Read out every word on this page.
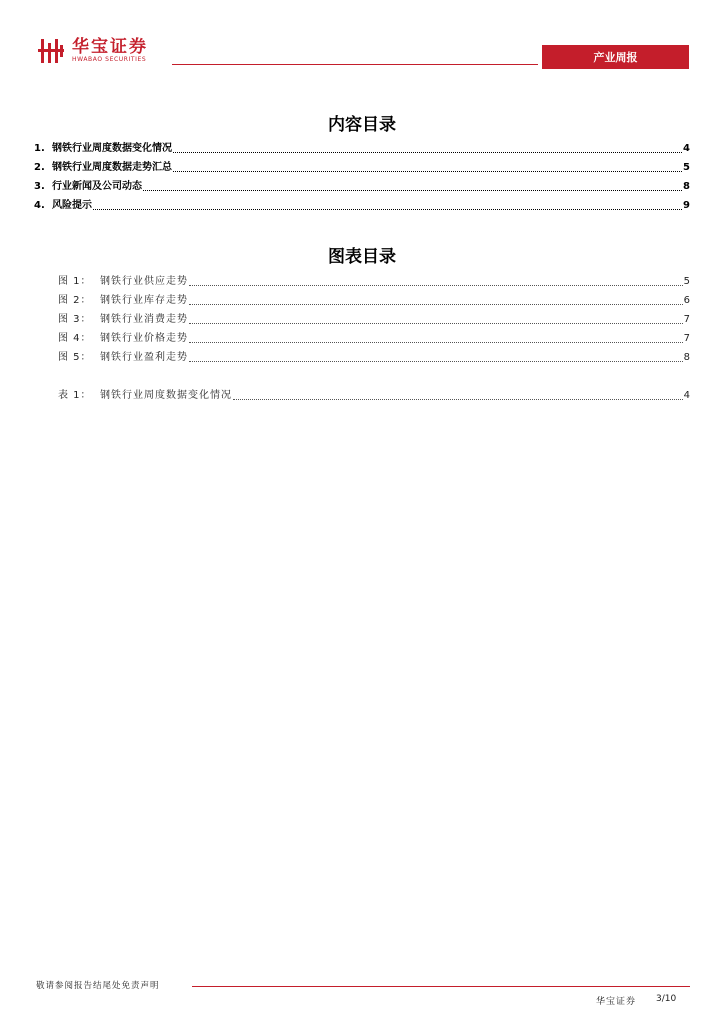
华宝证券
HWABAO SECURITIES	产业周报
内容目录
1. 钢铁行业周度数据变化情况	4
2. 钢铁行业周度数据走势汇总	5
3. 行业新闻及公司动态	8
4. 风险提示	9
图表目录
图 1： 钢铁行业供应走势	5
图 2： 钢铁行业库存走势	6
图 3： 钢铁行业消费走势	7
图 4： 钢铁行业价格走势	7
图 5： 钢铁行业盈利走势	8
表 1： 钢铁行业周度数据变化情况	4
敬请参阅报告结尾处免责声明
华宝证券 3/10
